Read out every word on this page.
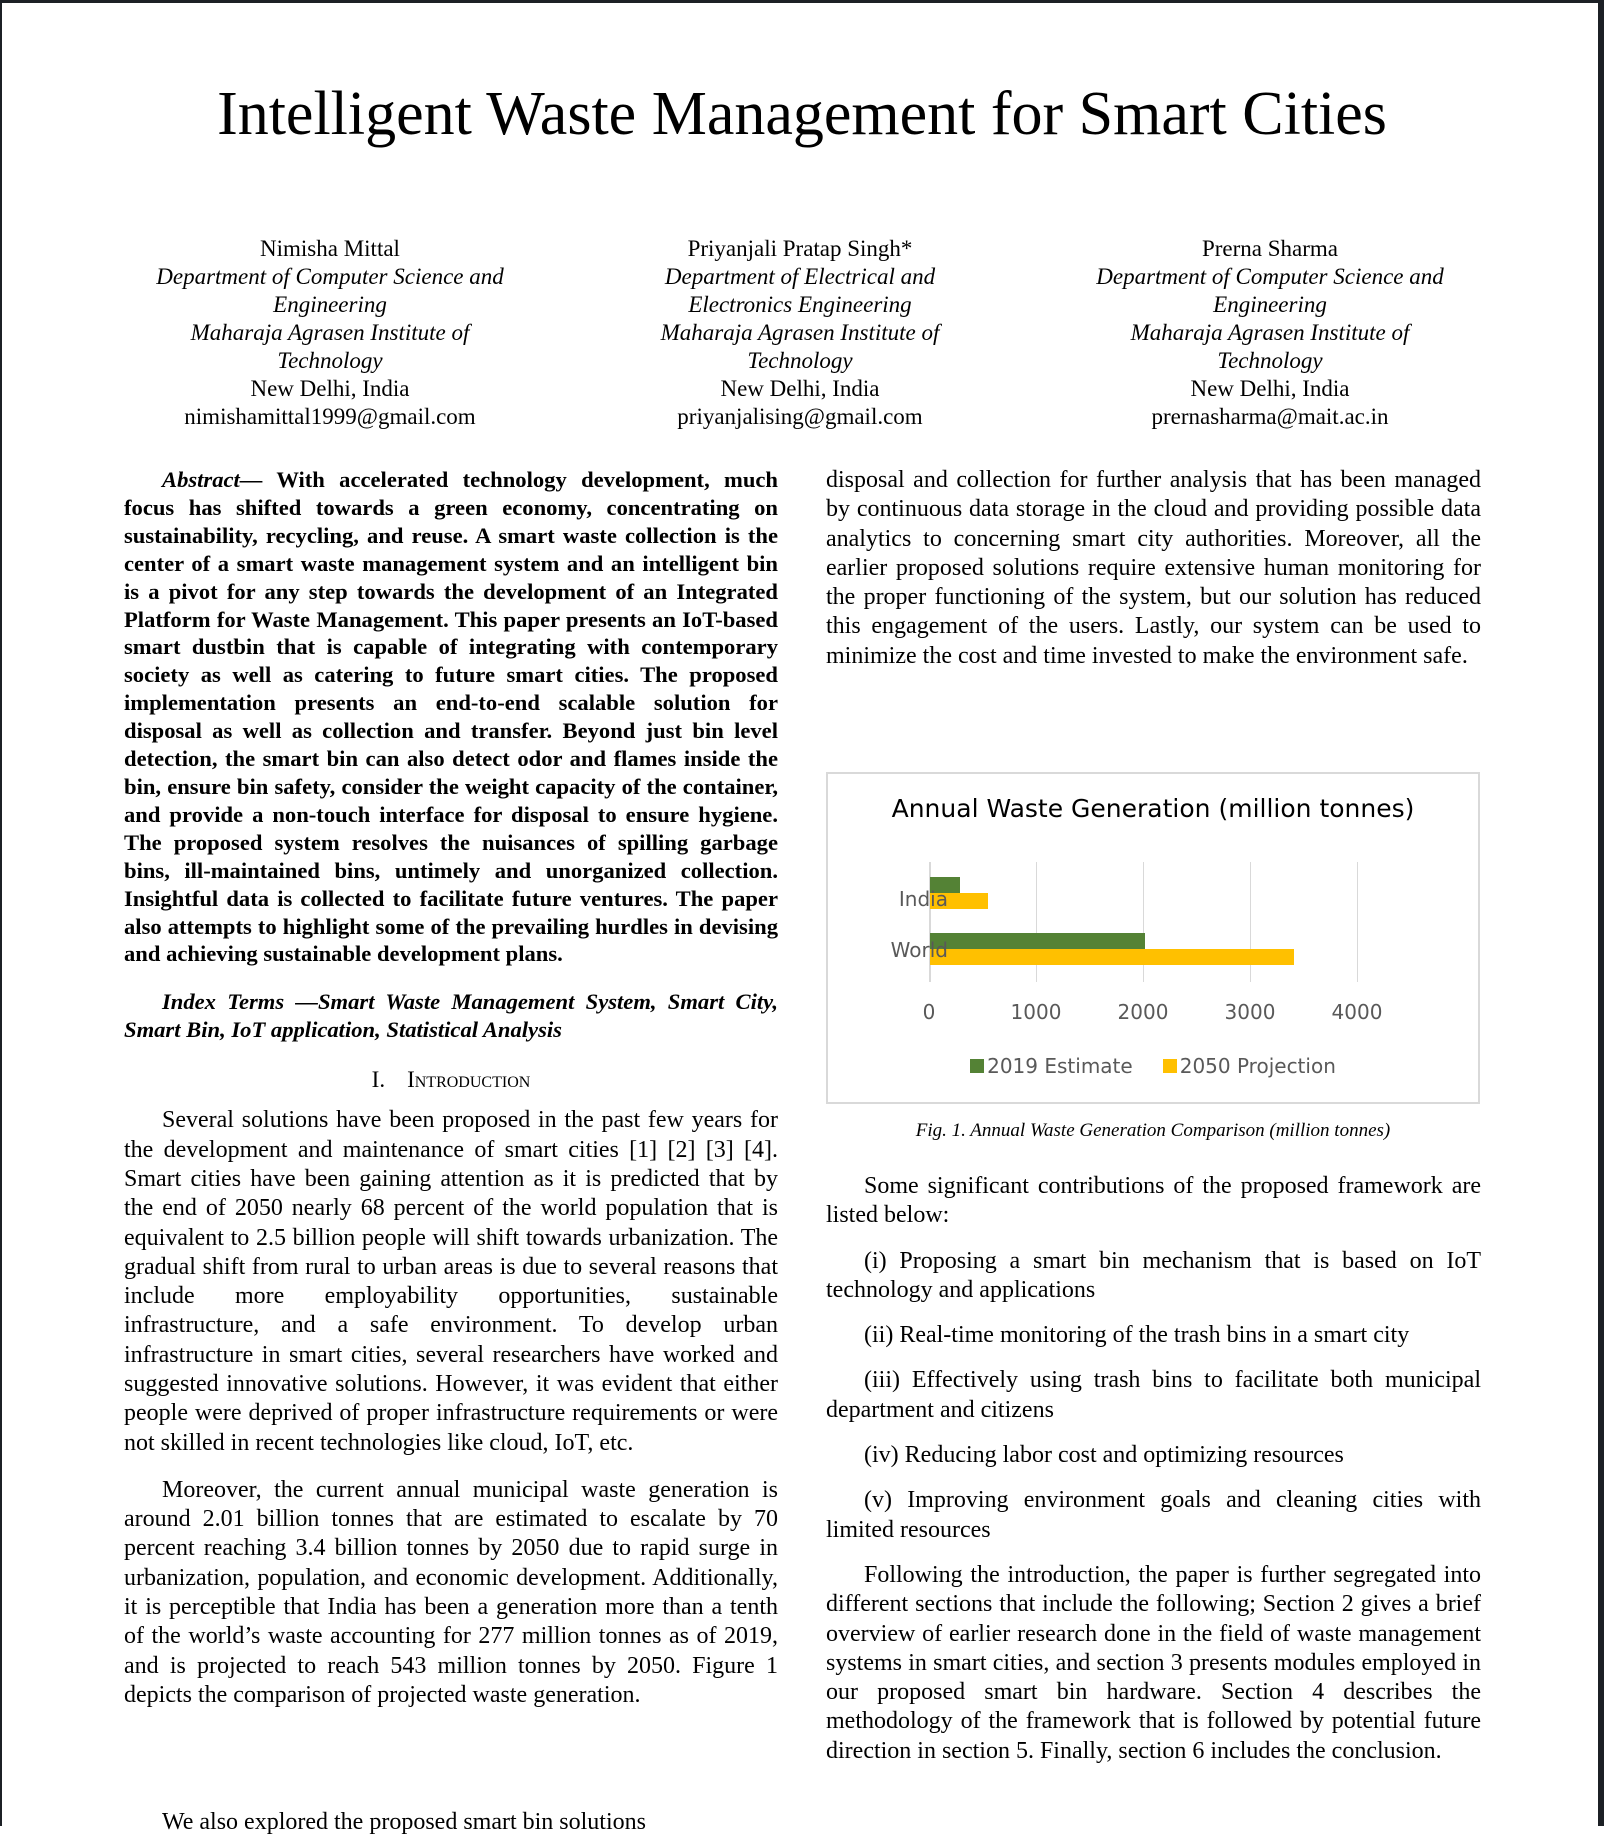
Intelligent Waste Management for Smart Cities
Nimisha Mittal
Department of Computer Science and
Engineering
Maharaja Agrasen Institute of
Technology
New Delhi, India
nimishamittal1999@gmail.com
Priyanjali Pratap Singh*
Department of Electrical and
Electronics Engineering
Maharaja Agrasen Institute of
Technology
New Delhi, India
priyanjalising@gmail.com
Prerna Sharma
Department of Computer Science and
Engineering
Maharaja Agrasen Institute of
Technology
New Delhi, India
prernasharma@mait.ac.in

Abstract— With accelerated technology development, much focus has shifted towards a green economy, concentrating on sustainability, recycling, and reuse. A smart waste collection is the center of a smart waste management system and an intelligent bin is a pivot for any step towards the development of an Integrated Platform for Waste Management. This paper presents an IoT-based smart dustbin that is capable of integrating with contemporary society as well as catering to future smart cities. The proposed implementation presents an end-to-end scalable solution for disposal as well as collection and transfer. Beyond just bin level detection, the smart bin can also detect odor and flames inside the bin, ensure bin safety, consider the weight capacity of the container, and provide a non-touch interface for disposal to ensure hygiene. The proposed system resolves the nuisances of spilling garbage bins, ill-maintained bins, untimely and unorganized collection. Insightful data is collected to facilitate future ventures. The paper also attempts to highlight some of the prevailing hurdles in devising and achieving sustainable development plans.

Index Terms —Smart Waste Management System, Smart City, Smart Bin, IoT application, Statistical Analysis

I. Introduction

Several solutions have been proposed in the past few years for the development and maintenance of smart cities [1] [2] [3] [4]. Smart cities have been gaining attention as it is predicted that by the end of 2050 nearly 68 percent of the world population that is equivalent to 2.5 billion people will shift towards urbanization. The gradual shift from rural to urban areas is due to several reasons that include more employability opportunities, sustainable infrastructure, and a safe environment. To develop urban infrastructure in smart cities, several researchers have worked and suggested innovative solutions. However, it was evident that either people were deprived of proper infrastructure requirements or were not skilled in recent technologies like cloud, IoT, etc.

Moreover, the current annual municipal waste generation is around 2.01 billion tonnes that are estimated to escalate by 70 percent reaching 3.4 billion tonnes by 2050 due to rapid surge in urbanization, population, and economic development. Additionally, it is perceptible that India has been a generation more than a tenth of the world’s waste accounting for 277 million tonnes as of 2019, and is projected to reach 543 million tonnes by 2050. Figure 1 depicts the comparison of projected waste generation.

We also explored the proposed smart bin solutions
disposal and collection for further analysis that has been managed by continuous data storage in the cloud and providing possible data analytics to concerning smart city authorities. Moreover, all the earlier proposed solutions require extensive human monitoring for the proper functioning of the system, but our solution has reduced this engagement of the users. Lastly, our system can be used to minimize the cost and time invested to make the environment safe.
Annual Waste Generation (million tonnes)
India
World
0	1000	2000	3000	4000
2019 Estimate 2050 Projection
Fig. 1. Annual Waste Generation Comparison (million tonnes)

Some significant contributions of the proposed framework are listed below:

(i) Proposing a smart bin mechanism that is based on IoT technology and applications

(ii) Real-time monitoring of the trash bins in a smart city

(iii) Effectively using trash bins to facilitate both municipal department and citizens

(iv) Reducing labor cost and optimizing resources

(v) Improving environment goals and cleaning cities with limited resources

Following the introduction, the paper is further segregated into different sections that include the following; Section 2 gives a brief overview of earlier research done in the field of waste management systems in smart cities, and section 3 presents modules employed in our proposed smart bin hardware. Section 4 describes the methodology of the framework that is followed by potential future direction in section 5. Finally, section 6 includes the conclusion.
